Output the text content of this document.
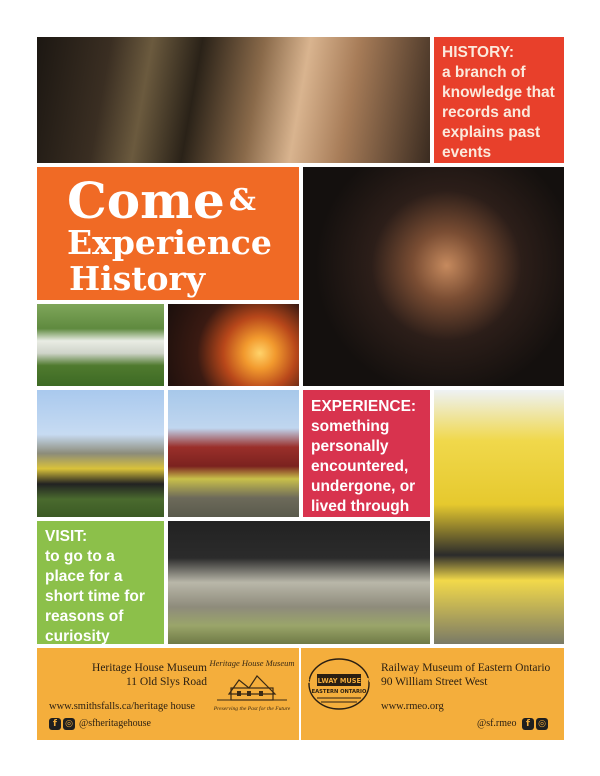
HISTORY:
a branch of knowledge that records and explains past events
Come &
Experience
History
EXPERIENCE:
something personally encountered, undergone, or lived through
VISIT:
to go to a place for a short time for reasons of curiosity
Heritage House Museum
11 Old Slys Road
Heritage House Museum
Preserving the Past for the Future
www.smithsfalls.ca/heritage house
f ◎ @sfheritagehouse
RAILWAY MUSEUM
EASTERN ONTARIO
Railway Museum of Eastern Ontario
90 William Street West
www.rmeo.org
@sf.rmeo	f ◎
